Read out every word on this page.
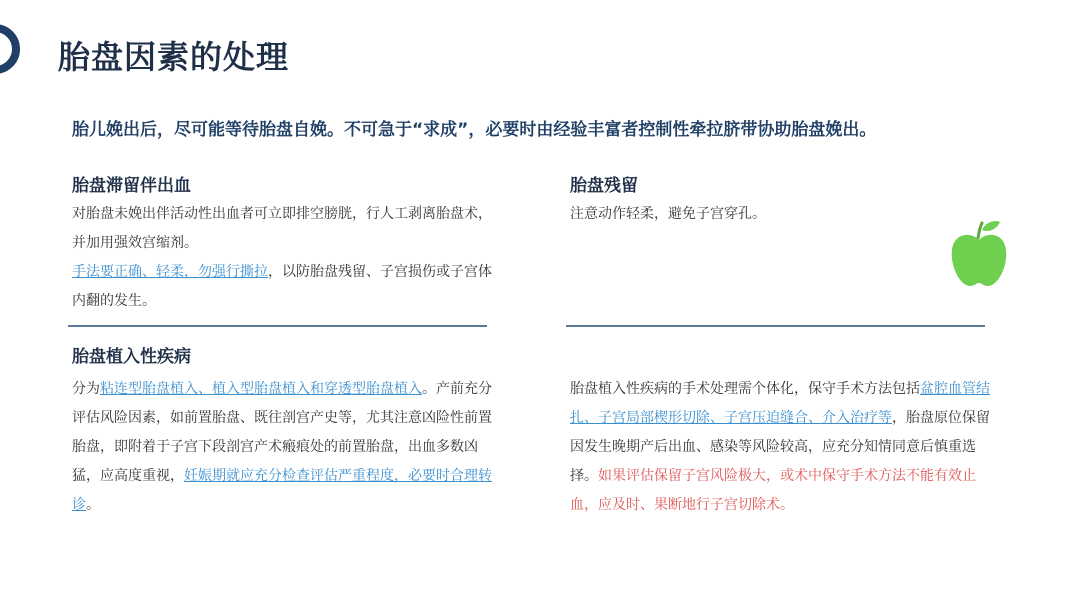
胎盘因素的处理
胎儿娩出后，尽可能等待胎盘自娩。不可急于“求成”，必要时由经验丰富者控制性牵拉脐带协助胎盘娩出。
胎盘滞留伴出血
对胎盘未娩出伴活动性出血者可立即排空膀胱，行人工剥离胎盘术，并加用强效宫缩剂。
手法要正确、轻柔，勿强行撕拉，以防胎盘残留、子宫损伤或子宫体内翻的发生。
胎盘残留
注意动作轻柔，避免子宫穿孔。
胎盘植入性疾病
分为粘连型胎盘植入、植入型胎盘植入和穿透型胎盘植入。产前充分评估风险因素，如前置胎盘、既往剖宫产史等，尤其注意凶险性前置胎盘，即附着于子宫下段剖宫产术瘢痕处的前置胎盘，出血多数凶猛，应高度重视，妊娠期就应充分检查评估严重程度，必要时合理转诊。
胎盘植入性疾病的手术处理需个体化，保守手术方法包括盆腔血管结扎、子宫局部楔形切除、子宫压迫缝合、介入治疗等，胎盘原位保留因发生晚期产后出血、感染等风险较高，应充分知情同意后慎重选择。如果评估保留子宫风险极大，或术中保守手术方法不能有效止血，应及时、果断地行子宫切除术。
